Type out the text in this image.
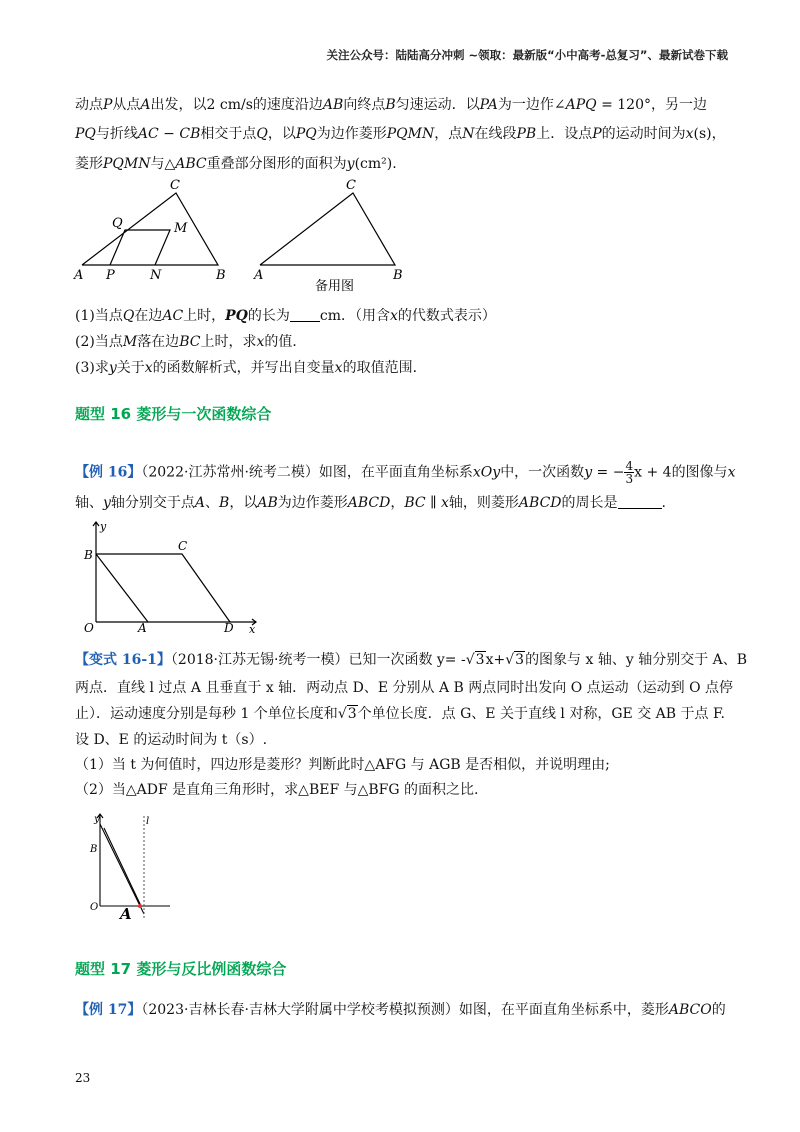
关注公众号：陆陆高分冲刺 ~领取：最新版“小中高考-总复习”、最新试卷下载
动点P从点A出发，以2 cm/s的速度沿边AB向终点B匀速运动．以PA为一边作∠APQ = 120°，另一边
PQ与折线AC − CB相交于点Q，以PQ为边作菱形PQMN，点N在线段PB上．设点P的运动时间为x(s)，
菱形PQMN与△ABC重叠部分图形的面积为y(cm²).
C
Q	M
A P	N	B
C
A	B
备用图
(1)当点Q在边AC上时，PQ的长为 cm．（用含x的代数式表示）
(2)当点M落在边BC上时，求x的值．
(3)求y关于x的函数解析式，并写出自变量x的取值范围．
题型 16 菱形与一次函数综合
【例 16】（2022·江苏常州·统考二模）如图，在平面直角坐标系xOy中，一次函数y = − $\frac{4}{3}$ x + 4的图像与x
轴、y轴分别交于点A、B，以AB为边作菱形ABCD，BC ∥ x轴，则菱形ABCD的周长是	.
y
B
C
O	A	D x
【变式 16-1】（2018·江苏无锡·统考一模）已知一次函数 y= -√3x+√3的图象与 x 轴、y 轴分别交于 A、B
两点．直线 l 过点 A 且垂直于 x 轴．两动点 D、E 分别从 A B 两点同时出发向 O 点运动（运动到 O 点停
止）．运动速度分别是每秒 1 个单位长度和√3个单位长度．点 G、E 关于直线 l 对称，GE 交 AB 于点 F.
设 D、E 的运动时间为 t（s）.
（1）当 t 为何值时，四边形是菱形？判断此时△AFG 与 AGB 是否相似，并说明理由;
（2）当△ADF 是直角三角形时，求△BEF 与△BFG 的面积之比.
y	l
B
O A
题型 17 菱形与反比例函数综合
【例 17】（2023·吉林长春·吉林大学附属中学校考模拟预测）如图，在平面直角坐标系中，菱形ABCO的
23
